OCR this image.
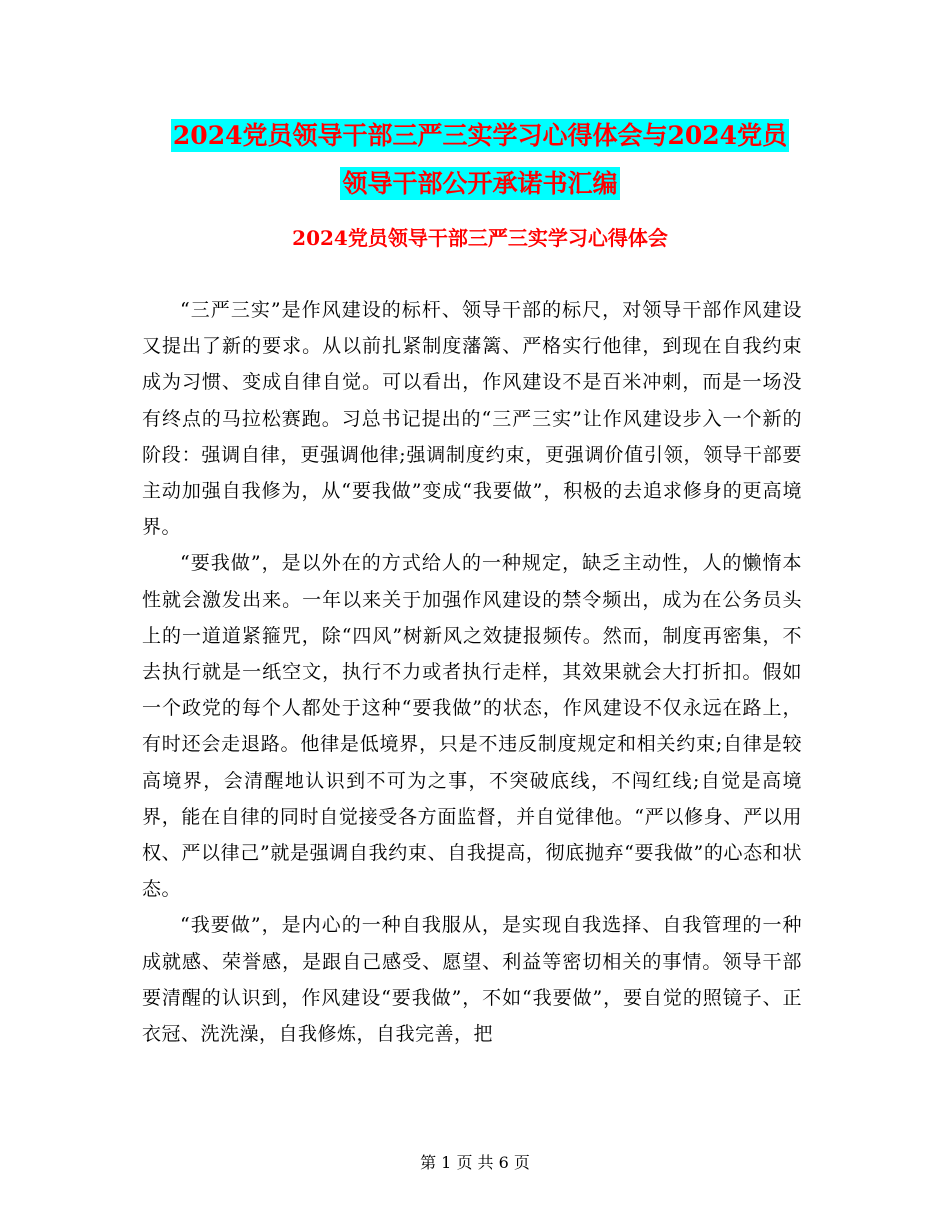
2024党员领导干部三严三实学习心得体会与2024党员
领导干部公开承诺书汇编
2024党员领导干部三严三实学习心得体会

“三严三实”是作风建设的标杆、领导干部的标尺，对领导干部作风建设又提出了新的要求。从以前扎紧制度藩篱、严格实行他律，到现在自我约束成为习惯、变成自律自觉。可以看出，作风建设不是百米冲刺，而是一场没有终点的马拉松赛跑。习总书记提出的“三严三实”让作风建设步入一个新的阶段：强调自律，更强调他律;强调制度约束，更强调价值引领，领导干部要主动加强自我修为，从“要我做”变成“我要做”，积极的去追求修身的更高境界。

“要我做”，是以外在的方式给人的一种规定，缺乏主动性，人的懒惰本性就会激发出来。一年以来关于加强作风建设的禁令频出，成为在公务员头上的一道道紧箍咒，除“四风”树新风之效捷报频传。然而，制度再密集，不去执行就是一纸空文，执行不力或者执行走样，其效果就会大打折扣。假如一个政党的每个人都处于这种“要我做”的状态，作风建设不仅永远在路上，有时还会走退路。他律是低境界，只是不违反制度规定和相关约束;自律是较高境界，会清醒地认识到不可为之事，不突破底线，不闯红线;自觉是高境界，能在自律的同时自觉接受各方面监督，并自觉律他。“严以修身、严以用权、严以律己”就是强调自我约束、自我提高，彻底抛弃“要我做”的心态和状态。

“我要做”，是内心的一种自我服从，是实现自我选择、自我管理的一种成就感、荣誉感，是跟自己感受、愿望、利益等密切相关的事情。领导干部要清醒的认识到，作风建设“要我做”，不如“我要做”，要自觉的照镜子、正衣冠、洗洗澡，自我修炼，自我完善，把

第 1 页 共 6 页
